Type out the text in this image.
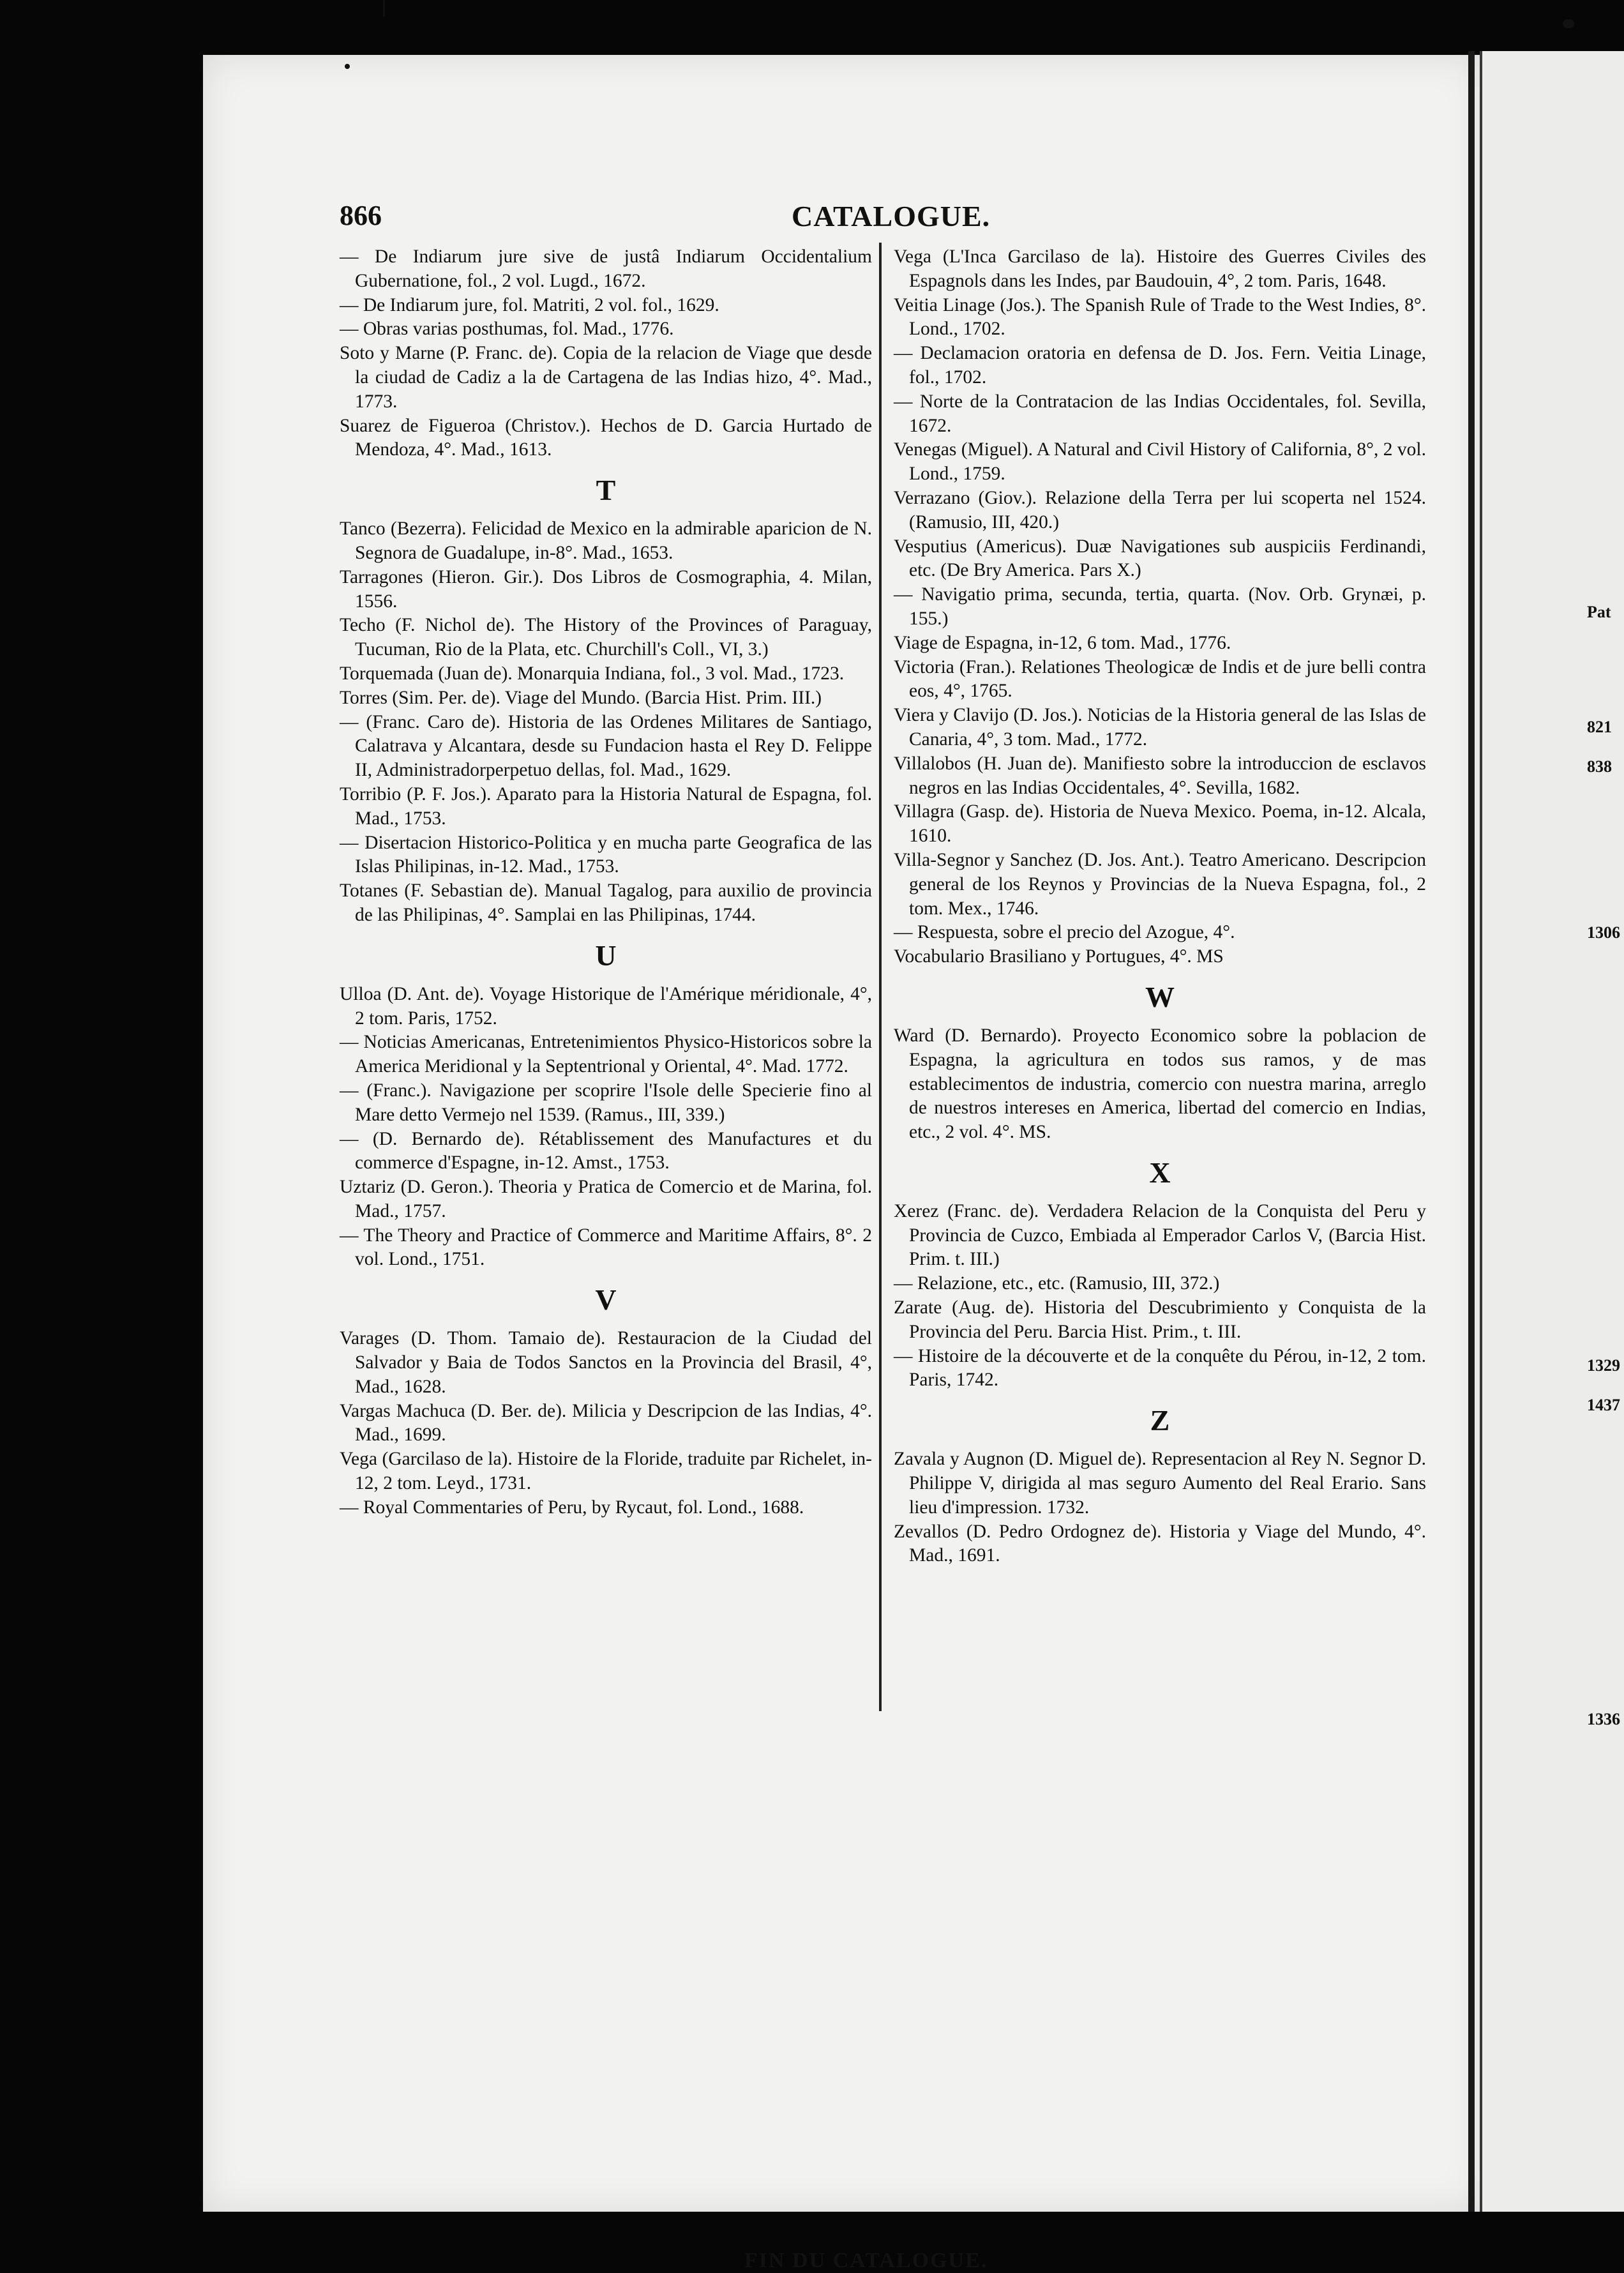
Pat
821
838
1306
1329
1437
1336
866	CATALOGUE.

— De Indiarum jure sive de justâ Indiarum Occidentalium Gubernatione, fol., 2 vol. Lugd., 1672.

— De Indiarum jure, fol. Matriti, 2 vol. fol., 1629.

— Obras varias posthumas, fol. Mad., 1776.

Soto y Marne (P. Franc. de). Copia de la relacion de Viage que desde la ciudad de Cadiz a la de Cartagena de las Indias hizo, 4°. Mad., 1773.

Suarez de Figueroa (Christov.). Hechos de D. Garcia Hurtado de Mendoza, 4°. Mad., 1613.

T

Tanco (Bezerra). Felicidad de Mexico en la admirable aparicion de N. Segnora de Guadalupe, in-8°. Mad., 1653.

Tarragones (Hieron. Gir.). Dos Libros de Cosmographia, 4. Milan, 1556.

Techo (F. Nichol de). The History of the Provinces of Paraguay, Tucuman, Rio de la Plata, etc. Churchill's Coll., VI, 3.)

Torquemada (Juan de). Monarquia Indiana, fol., 3 vol. Mad., 1723.

Torres (Sim. Per. de). Viage del Mundo. (Barcia Hist. Prim. III.)

— (Franc. Caro de). Historia de las Ordenes Militares de Santiago, Calatrava y Alcantara, desde su Fundacion hasta el Rey D. Felippe II, Administradorperpetuo dellas, fol. Mad., 1629.

Torribio (P. F. Jos.). Aparato para la Historia Natural de Espagna, fol. Mad., 1753.

— Disertacion Historico-Politica y en mucha parte Geografica de las Islas Philipinas, in-12. Mad., 1753.

Totanes (F. Sebastian de). Manual Tagalog, para auxilio de provincia de las Philipinas, 4°. Samplai en las Philipinas, 1744.

U

Ulloa (D. Ant. de). Voyage Historique de l'Amérique méridionale, 4°, 2 tom. Paris, 1752.

— Noticias Americanas, Entretenimientos Physico-Historicos sobre la America Meridional y la Septentrional y Oriental, 4°. Mad. 1772.

— (Franc.). Navigazione per scoprire l'Isole delle Specierie fino al Mare detto Vermejo nel 1539. (Ramus., III, 339.)

— (D. Bernardo de). Rétablissement des Manufactures et du commerce d'Espagne, in-12. Amst., 1753.

Uztariz (D. Geron.). Theoria y Pratica de Comercio et de Marina, fol. Mad., 1757.

— The Theory and Practice of Commerce and Maritime Affairs, 8°. 2 vol. Lond., 1751.

V

Varages (D. Thom. Tamaio de). Restauracion de la Ciudad del Salvador y Baia de Todos Sanctos en la Provincia del Brasil, 4°, Mad., 1628.

Vargas Machuca (D. Ber. de). Milicia y Descripcion de las Indias, 4°. Mad., 1699.

Vega (Garcilaso de la). Histoire de la Floride, traduite par Richelet, in-12, 2 tom. Leyd., 1731.

— Royal Commentaries of Peru, by Rycaut, fol. Lond., 1688.

Vega (L'Inca Garcilaso de la). Histoire des Guerres Civiles des Espagnols dans les Indes, par Baudouin, 4°, 2 tom. Paris, 1648.

Veitia Linage (Jos.). The Spanish Rule of Trade to the West Indies, 8°. Lond., 1702.

— Declamacion oratoria en defensa de D. Jos. Fern. Veitia Linage, fol., 1702.

— Norte de la Contratacion de las Indias Occidentales, fol. Sevilla, 1672.

Venegas (Miguel). A Natural and Civil History of California, 8°, 2 vol. Lond., 1759.

Verrazano (Giov.). Relazione della Terra per lui scoperta nel 1524. (Ramusio, III, 420.)

Vesputius (Americus). Duæ Navigationes sub auspiciis Ferdinandi, etc. (De Bry America. Pars X.)

— Navigatio prima, secunda, tertia, quarta. (Nov. Orb. Grynæi, p. 155.)

Viage de Espagna, in-12, 6 tom. Mad., 1776.

Victoria (Fran.). Relationes Theologicæ de Indis et de jure belli contra eos, 4°, 1765.

Viera y Clavijo (D. Jos.). Noticias de la Historia general de las Islas de Canaria, 4°, 3 tom. Mad., 1772.

Villalobos (H. Juan de). Manifiesto sobre la introduccion de esclavos negros en las Indias Occidentales, 4°. Sevilla, 1682.

Villagra (Gasp. de). Historia de Nueva Mexico. Poema, in-12. Alcala, 1610.

Villa-Segnor y Sanchez (D. Jos. Ant.). Teatro Americano. Descripcion general de los Reynos y Provincias de la Nueva Espagna, fol., 2 tom. Mex., 1746.

— Respuesta, sobre el precio del Azogue, 4°.

Vocabulario Brasiliano y Portugues, 4°. MS

W

Ward (D. Bernardo). Proyecto Economico sobre la poblacion de Espagna, la agricultura en todos sus ramos, y de mas establecimentos de industria, comercio con nuestra marina, arreglo de nuestros intereses en America, libertad del comercio en Indias, etc., 2 vol. 4°. MS.

X

Xerez (Franc. de). Verdadera Relacion de la Conquista del Peru y Provincia de Cuzco, Embiada al Emperador Carlos V, (Barcia Hist. Prim. t. III.)

— Relazione, etc., etc. (Ramusio, III, 372.)

Zarate (Aug. de). Historia del Descubrimiento y Conquista de la Provincia del Peru. Barcia Hist. Prim., t. III.

— Histoire de la découverte et de la conquête du Pérou, in-12, 2 tom. Paris, 1742.

Z

Zavala y Augnon (D. Miguel de). Representacion al Rey N. Segnor D. Philippe V, dirigida al mas seguro Aumento del Real Erario. Sans lieu d'impression. 1732.

Zevallos (D. Pedro Ordognez de). Historia y Viage del Mundo, 4°. Mad., 1691.

FIN DU CATALOGUE.
